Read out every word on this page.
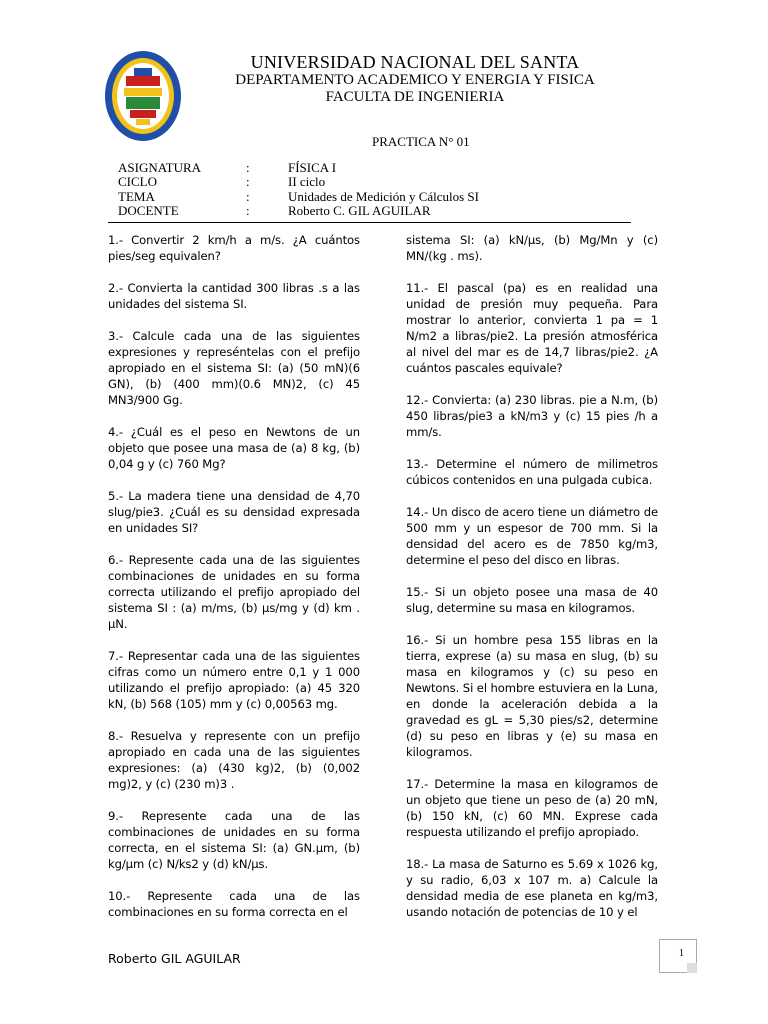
UNIVERSIDAD NACIONAL DEL SANTA
DEPARTAMENTO ACADEMICO Y ENERGIA Y FISICA
FACULTA DE INGENIERIA
PRACTICA N° 01
ASIGNATURA	:	FÍSICA I
CICLO	:	II ciclo
TEMA	:	Unidades de Medición y Cálculos SI
DOCENTE	:	Roberto C. GIL AGUILAR

1.- Convertir 2 km/h a m/s. ¿A cuántos pies/seg equivalen?

2.- Convierta la cantidad 300 libras .s a las unidades del sistema SI.

3.- Calcule cada una de las siguientes expresiones y represéntelas con el prefijo apropiado en el sistema SI: (a) (50 mN)(6 GN), (b) (400 mm)(0.6 MN)2, (c) 45 MN3/900 Gg.

4.- ¿Cuál es el peso en Newtons de un objeto que posee una masa de (a) 8 kg, (b) 0,04 g y (c) 760 Mg?

5.- La madera tiene una densidad de 4,70 slug/pie3. ¿Cuál es su densidad expresada en unidades SI?

6.- Represente cada una de las siguientes combinaciones de unidades en su forma correcta utilizando el prefijo apropiado del sistema SI : (a) m/ms, (b) μs/mg y (d) km . μN.

7.- Representar cada una de las siguientes cifras como un número entre 0,1 y 1 000 utilizando el prefijo apropiado: (a) 45 320 kN, (b) 568 (105) mm y (c) 0,00563 mg.

8.- Resuelva y represente con un prefijo apropiado en cada una de las siguientes expresiones: (a) (430 kg)2, (b) (0,002 mg)2, y (c) (230 m)3 .

9.- Represente cada una de las combinaciones de unidades en su forma correcta, en el sistema SI: (a) GN.μm, (b) kg/μm (c) N/ks2 y (d) kN/μs.

10.- Represente cada una de las combinaciones en su forma correcta en el

sistema SI: (a) kN/μs, (b) Mg/Mn y (c) MN/(kg . ms).

11.- El pascal (pa) es en realidad una unidad de presión muy pequeña. Para mostrar lo anterior, convierta 1 pa = 1 N/m2 a libras/pie2. La presión atmosférica al nivel del mar es de 14,7 libras/pie2. ¿A cuántos pascales equivale?

12.- Convierta: (a) 230 libras. pie a N.m, (b) 450 libras/pie3 a kN/m3 y (c) 15 pies /h a mm/s.

13.- Determine el número de milimetros cúbicos contenidos en una pulgada cubica.

14.- Un disco de acero tiene un diámetro de 500 mm y un espesor de 700 mm. Si la densidad del acero es de 7850 kg/m3, determine el peso del disco en libras.

15.- Si un objeto posee una masa de 40 slug, determine su masa en kilogramos.

16.- Si un hombre pesa 155 libras en la tierra, exprese (a) su masa en slug, (b) su masa en kilogramos y (c) su peso en Newtons. Si el hombre estuviera en la Luna, en donde la aceleración debida a la gravedad es gL = 5,30 pies/s2, determine (d) su peso en libras y (e) su masa en kilogramos.

17.- Determine la masa en kilogramos de un objeto que tiene un peso de (a) 20 mN, (b) 150 kN, (c) 60 MN. Exprese cada respuesta utilizando el prefijo apropiado.

18.- La masa de Saturno es 5.69 x 1026 kg, y su radio, 6,03 x 107 m. a) Calcule la densidad media de ese planeta en kg/m3, usando notación de potencias de 10 y el

Roberto GIL AGUILAR	1
